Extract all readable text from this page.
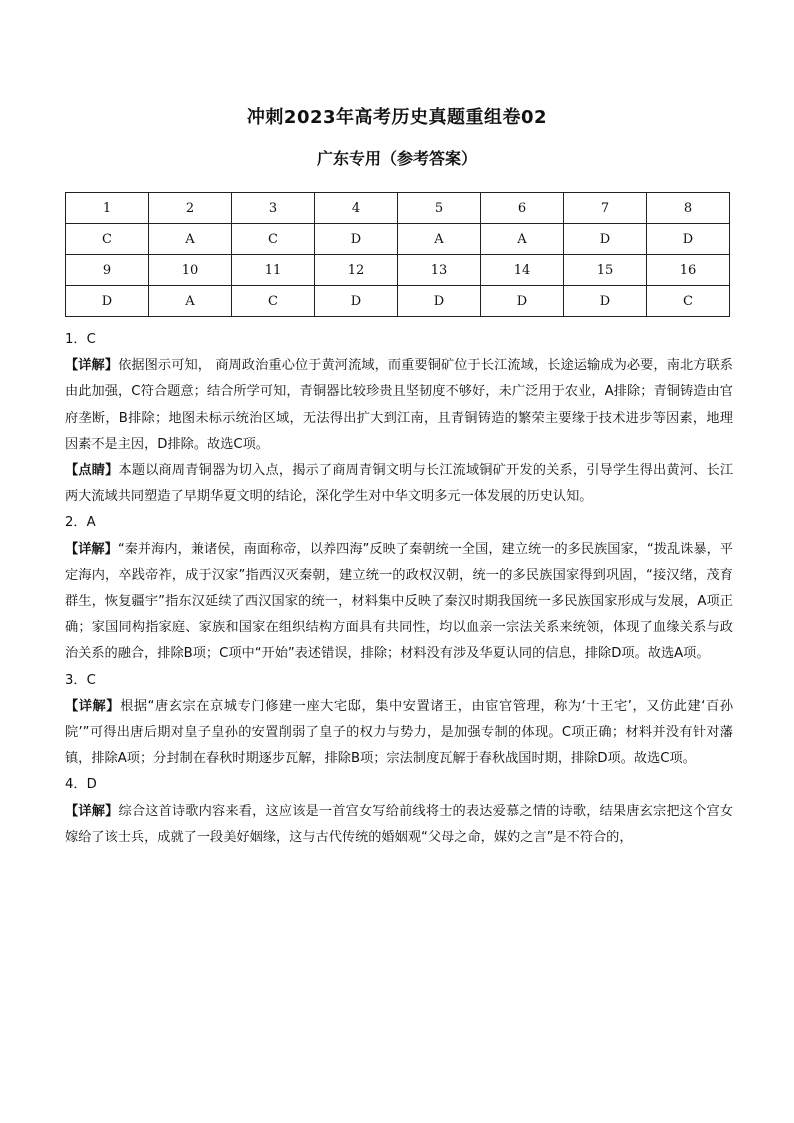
冲刺2023年高考历史真题重组卷02
广东专用（参考答案）
1	2	3	4	5	6	7	8
C	A	C	D	A	A	D	D
9	10	11	12	13	14	15	16
D	A	C	D	D	D	D	C

1．C

【详解】依据图示可知， 商周政治重心位于黄河流域，而重要铜矿位于长江流域，长途运输成为必要，南北方联系由此加强，C符合题意；结合所学可知，青铜器比较珍贵且坚韧度不够好，未广泛用于农业，A排除；青铜铸造由官府垄断，B排除；地图未标示统治区域，无法得出扩大到江南，且青铜铸造的繁荣主要缘于技术进步等因素，地理因素不是主因，D排除。故选C项。

【点睛】本题以商周青铜器为切入点，揭示了商周青铜文明与长江流域铜矿开发的关系，引导学生得出黄河、长江两大流域共同塑造了早期华夏文明的结论，深化学生对中华文明多元一体发展的历史认知。

2．A

【详解】“秦并海内，兼诸侯，南面称帝，以养四海”反映了秦朝统一全国，建立统一的多民族国家，“拨乱诛暴，平定海内，卒践帝祚，成于汉家”指西汉灭秦朝，建立统一的政权汉朝，统一的多民族国家得到巩固，“接汉绪，茂育群生，恢复疆宇”指东汉延续了西汉国家的统一，材料集中反映了秦汉时期我国统一多民族国家形成与发展，A项正确；家国同构指家庭、家族和国家在组织结构方面具有共同性，均以血亲一宗法关系来统领，体现了血缘关系与政治关系的融合，排除B项；C项中“开始”表述错误，排除；材料没有涉及华夏认同的信息，排除D项。故选A项。

3．C

【详解】根据“唐玄宗在京城专门修建一座大宅邸，集中安置诸王，由宦官管理，称为‘十王宅’，又仿此建‘百孙院’”可得出唐后期对皇子皇孙的安置削弱了皇子的权力与势力，是加强专制的体现。C项正确；材料并没有针对藩镇，排除A项；分封制在春秋时期逐步瓦解，排除B项；宗法制度瓦解于春秋战国时期，排除D项。故选C项。

4．D

【详解】综合这首诗歌内容来看，这应该是一首宫女写给前线将士的表达爱慕之情的诗歌，结果唐玄宗把这个宫女嫁给了该士兵，成就了一段美好姻缘，这与古代传统的婚姻观“父母之命，媒妁之言”是不符合的，
